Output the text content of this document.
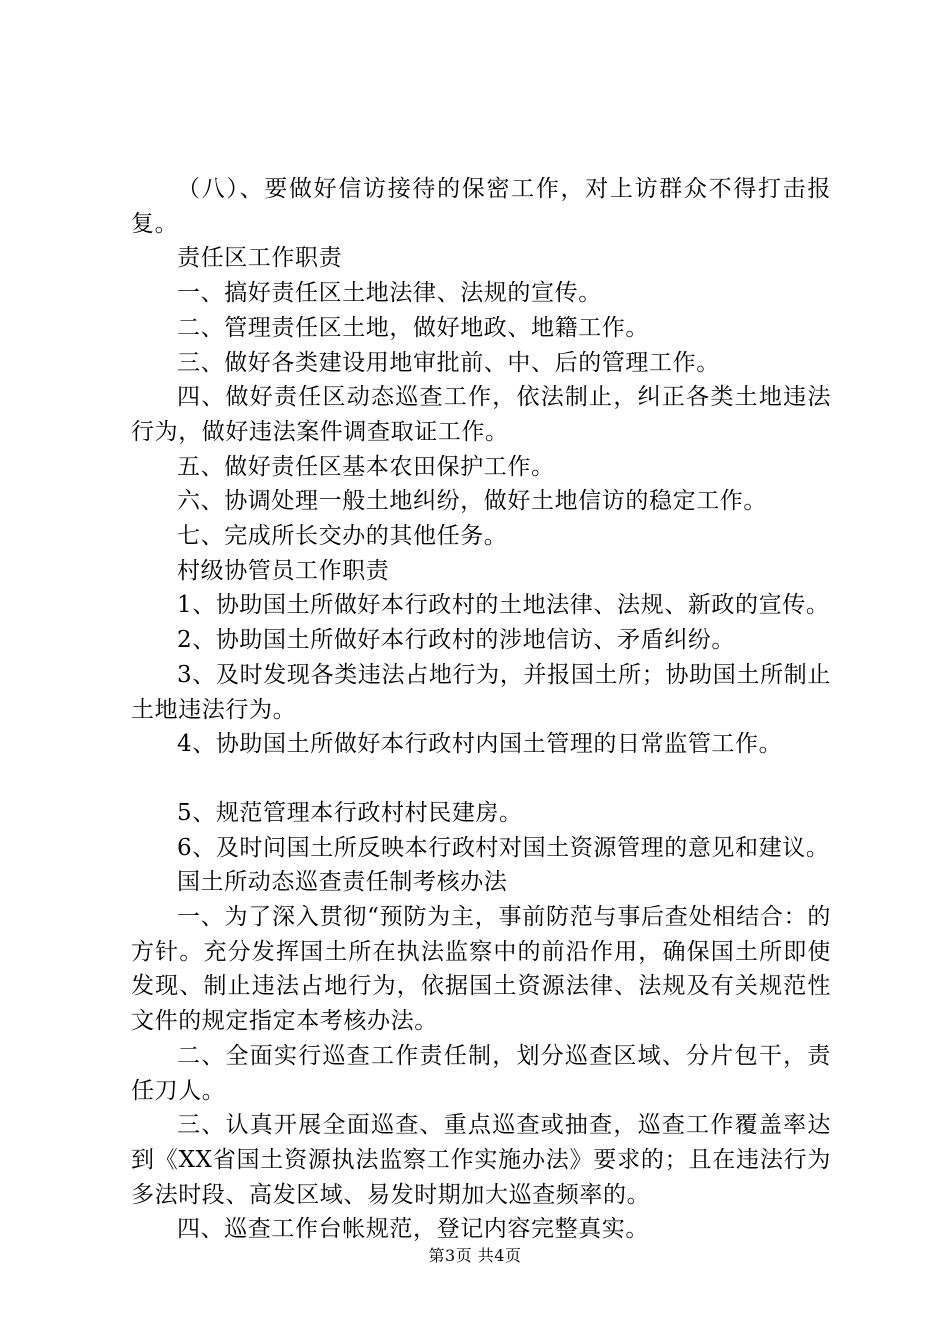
（八）、要做好信访接待的保密工作，对上访群众不得打击报复。

责任区工作职责

一、搞好责任区土地法律、法规的宣传。

二、管理责任区土地，做好地政、地籍工作。

三、做好各类建设用地审批前、中、后的管理工作。

四、做好责任区动态巡查工作，依法制止，纠正各类土地违法行为，做好违法案件调查取证工作。

五、做好责任区基本农田保护工作。

六、协调处理一般土地纠纷，做好土地信访的稳定工作。

七、完成所长交办的其他任务。

村级协管员工作职责

1、协助国土所做好本行政村的土地法律、法规、新政的宣传。

2、协助国土所做好本行政村的涉地信访、矛盾纠纷。

3、及时发现各类违法占地行为，并报国土所；协助国土所制止土地违法行为。

4、协助国土所做好本行政村内国土管理的日常监管工作。

5、规范管理本行政村村民建房。

6、及时问国土所反映本行政村对国土资源管理的意见和建议。

国土所动态巡查责任制考核办法

一、为了深入贯彻“预防为主，事前防范与事后查处相结合：的方针。充分发挥国土所在执法监察中的前沿作用，确保国土所即使发现、制止违法占地行为，依据国土资源法律、法规及有关规范性文件的规定指定本考核办法。

二、全面实行巡查工作责任制，划分巡查区域、分片包干，责任刀人。

三、认真开展全面巡查、重点巡查或抽查，巡查工作覆盖率达到《XX省国土资源执法监察工作实施办法》要求的；且在违法行为多法时段、高发区域、易发时期加大巡查频率的。

四、巡查工作台帐规范，登记内容完整真实。

第3页 共4页
